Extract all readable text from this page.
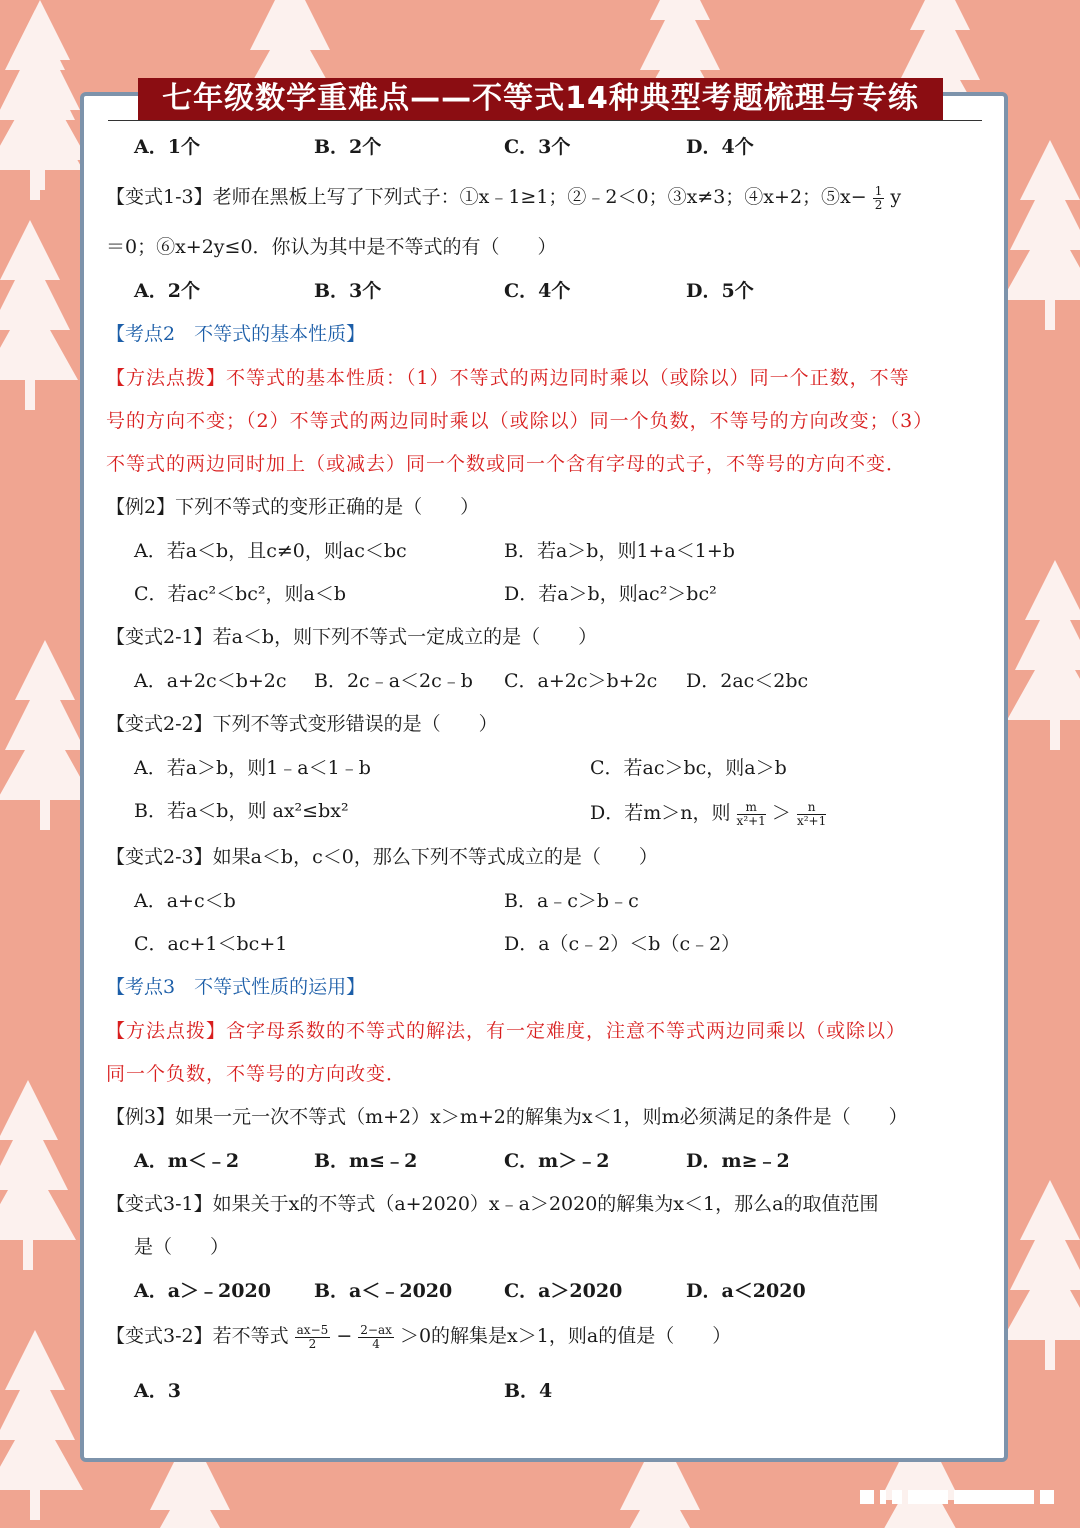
A．1个	B．2个	C．3个	D．4个
【变式1-3】老师在黑板上写了下列式子：①x﹣1≥1；②﹣2＜0；③x≠3；④x+2；⑤x− $\frac{1}{2}$ y
＝0；⑥x+2y≤0．你认为其中是不等式的有（　　）
A．2个	B．3个	C．4个	D．5个
【考点2　不等式的基本性质】
【方法点拨】不等式的基本性质：（1）不等式的两边同时乘以（或除以）同一个正数，不等
号的方向不变；（2）不等式的两边同时乘以（或除以）同一个负数，不等号的方向改变；（3）
不等式的两边同时加上（或减去）同一个数或同一个含有字母的式子，不等号的方向不变．
【例2】下列不等式的变形正确的是（　　）
A．若a＜b，且c≠0，则ac＜bc	B．若a＞b，则1+a＜1+b
C．若ac²＜bc²，则a＜b	D．若a＞b，则ac²＞bc²
【变式2-1】若a＜b，则下列不等式一定成立的是（　　）
A．a+2c＜b+2c B．2c﹣a＜2c﹣b C．a+2c＞b+2c D．2ac＜2bc
【变式2-2】下列不等式变形错误的是（　　）
A．若a＞b，则1﹣a＜1﹣b	C．若ac＞bc，则a＞b
B．若a＜b，则 ax²≤bx²	D．若m＞n，则 $\frac{m}{\text{x²+1}} > \frac{n}{\text{x²+1}}$
【变式2-3】如果a＜b，c＜0，那么下列不等式成立的是（　　）
A．a+c＜b	B．a﹣c＞b﹣c
C．ac+1＜bc+1	D．a（c﹣2）＜b（c﹣2）
【考点3　不等式性质的运用】
【方法点拨】含字母系数的不等式的解法，有一定难度，注意不等式两边同乘以（或除以）
同一个负数，不等号的方向改变．
【例3】如果一元一次不等式（m+2）x＞m+2的解集为x＜1，则m必须满足的条件是（　　）
A．m＜﹣2	B．m≤﹣2	C．m＞﹣2	D．m≥﹣2
【变式3-1】如果关于x的不等式（a+2020）x﹣a＞2020的解集为x＜1，那么a的取值范围
是（　　）
A．a＞﹣2020 B．a＜﹣2020	C．a＞2020	D．a＜2020
【变式3-2】若不等式 $\frac{ax-5}{2} - \frac{2-ax}{4} >0$的解集是x＞1，则a的值是（　　）
A．3	B．4
七年级数学重难点——不等式14种典型考题梳理与专练
